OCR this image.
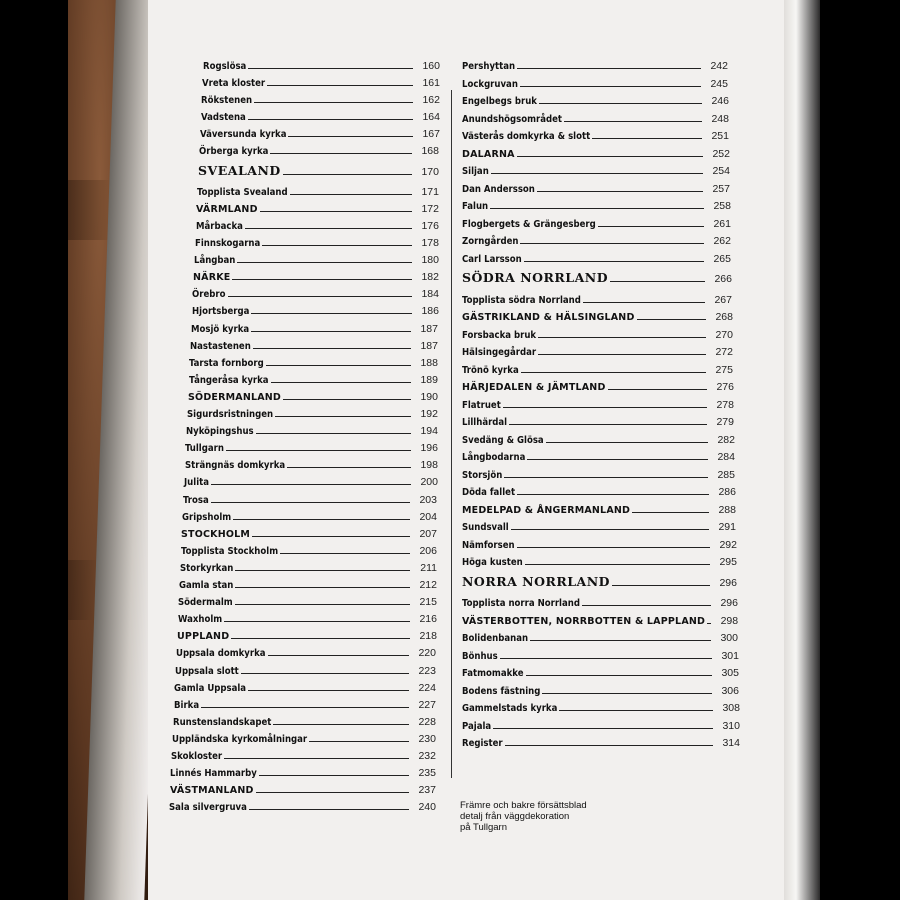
Rogslösa	160
Vreta kloster	161
Rökstenen	162
Vadstena	164
Väversunda kyrka	167
Örberga kyrka	168
SVEALAND	170
Topplista Svealand	171
VÄRMLAND	172
Mårbacka	176
Finnskogarna	178
Långban	180
NÄRKE	182
Örebro	184
Hjortsberga	186
Mosjö kyrka	187
Nastastenen	187
Tarsta fornborg	188
Tångeråsa kyrka	189
SÖDERMANLAND	190
Sigurdsristningen	192
Nyköpingshus	194
Tullgarn	196
Strängnäs domkyrka	198
Julita	200
Trosa	203
Gripsholm	204
STOCKHOLM	207
Topplista Stockholm	206
Storkyrkan	211
Gamla stan	212
Södermalm	215
Waxholm	216
UPPLAND	218
Uppsala domkyrka	220
Uppsala slott	223
Gamla Uppsala	224
Birka	227
Runstenslandskapet	228
Uppländska kyrkomålningar	230
Skokloster	232
Linnés Hammarby	235
VÄSTMANLAND	237
Sala silvergruva	240
Pershyttan	242
Lockgruvan	245
Engelbegs bruk	246
Anundshögsområdet	248
Västerås domkyrka & slott	251
DALARNA	252
Siljan	254
Dan Andersson	257
Falun	258
Flogbergets & Grängesberg	261
Zorngården	262
Carl Larsson	265
SÖDRA NORRLAND	266
Topplista södra Norrland	267
GÄSTRIKLAND & HÄLSINGLAND	268
Forsbacka bruk	270
Hälsingegårdar	272
Trönö kyrka	275
HÄRJEDALEN & JÄMTLAND	276
Flatruet	278
Lillhärdal	279
Svedäng & Glösa	282
Långbodarna	284
Storsjön	285
Döda fallet	286
MEDELPAD & ÅNGERMANLAND	288
Sundsvall	291
Nämforsen	292
Höga kusten	295
NORRA NORRLAND	296
Topplista norra Norrland	296
VÄSTERBOTTEN, NORRBOTTEN & LAPPLAND	298
Bolidenbanan	300
Bönhus	301
Fatmomakke	305
Bodens fästning	306
Gammelstads kyrka	308
Pajala	310
Register	314
Främre och bakre försättsblad
detalj från väggdekoration
på Tullgarn
